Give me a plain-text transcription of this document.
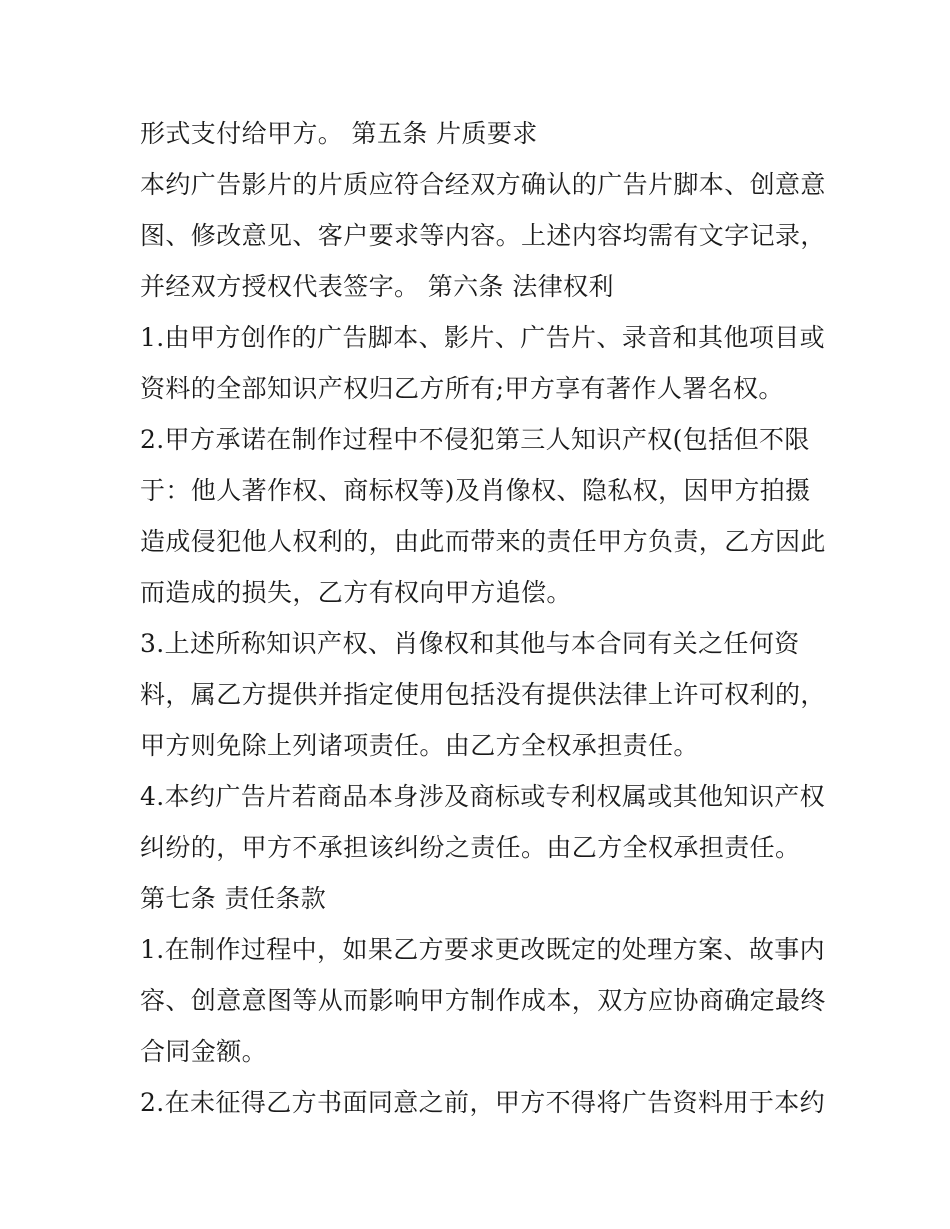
形式支付给甲方。 第五条 片质要求
本约广告影片的片质应符合经双方确认的广告片脚本、创意意
图、修改意见、客户要求等内容。上述内容均需有文字记录，
并经双方授权代表签字。 第六条 法律权利
1.由甲方创作的广告脚本、影片、广告片、录音和其他项目或
资料的全部知识产权归乙方所有;甲方享有著作人署名权。
2.甲方承诺在制作过程中不侵犯第三人知识产权(包括但不限
于：他人著作权、商标权等)及肖像权、隐私权，因甲方拍摄
造成侵犯他人权利的，由此而带来的责任甲方负责，乙方因此
而造成的损失，乙方有权向甲方追偿。
3.上述所称知识产权、肖像权和其他与本合同有关之任何资
料，属乙方提供并指定使用包括没有提供法律上许可权利的，
甲方则免除上列诸项责任。由乙方全权承担责任。
4.本约广告片若商品本身涉及商标或专利权属或其他知识产权
纠纷的，甲方不承担该纠纷之责任。由乙方全权承担责任。
第七条 责任条款
1.在制作过程中，如果乙方要求更改既定的处理方案、故事内
容、创意意图等从而影响甲方制作成本，双方应协商确定最终
合同金额。
2.在未征得乙方书面同意之前，甲方不得将广告资料用于本约
